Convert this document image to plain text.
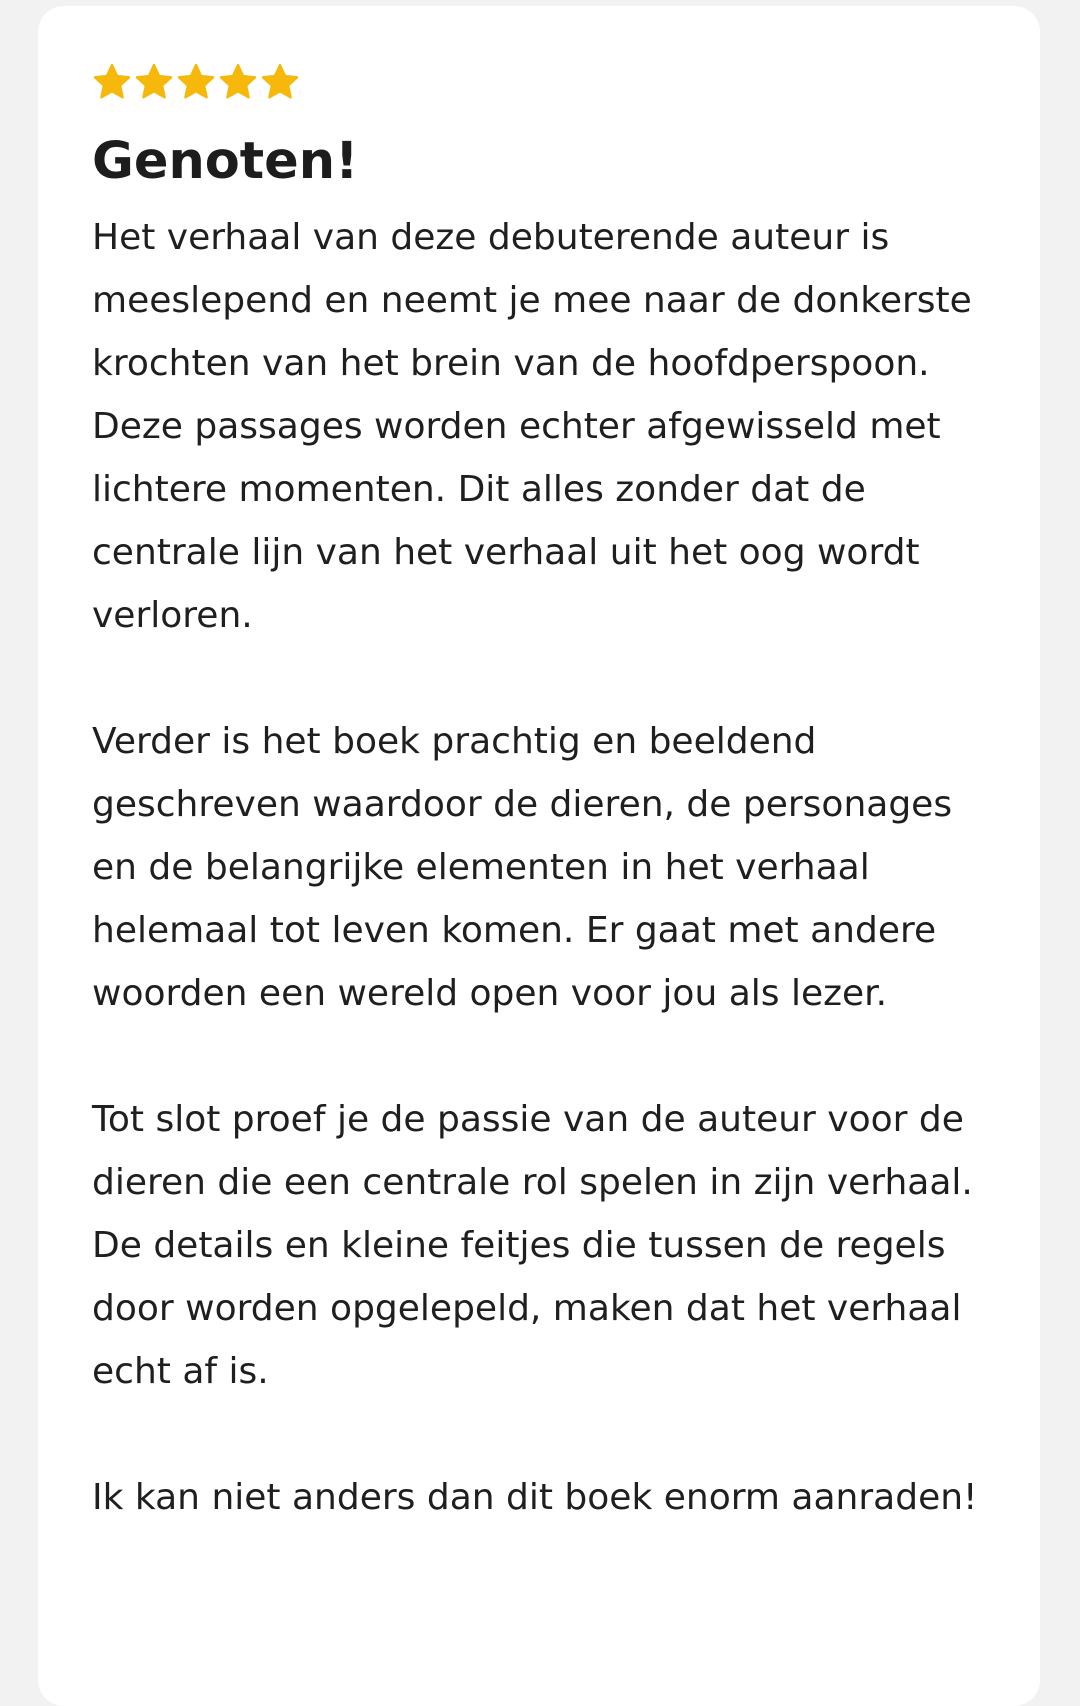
Genoten!

Het verhaal van deze debuterende auteur is meeslepend en neemt je mee naar de donkerste krochten van het brein van de hoofdperspoon. Deze passages worden echter afgewisseld met lichtere momenten. Dit alles zonder dat de centrale lijn van het verhaal uit het oog wordt verloren.

Verder is het boek prachtig en beeldend geschreven waardoor de dieren, de personages en de belangrijke elementen in het verhaal helemaal tot leven komen. Er gaat met andere woorden een wereld open voor jou als lezer.

Tot slot proef je de passie van de auteur voor de dieren die een centrale rol spelen in zijn verhaal. De details en kleine feitjes die tussen de regels door worden opgelepeld, maken dat het verhaal echt af is.

Ik kan niet anders dan dit boek enorm aanraden!
